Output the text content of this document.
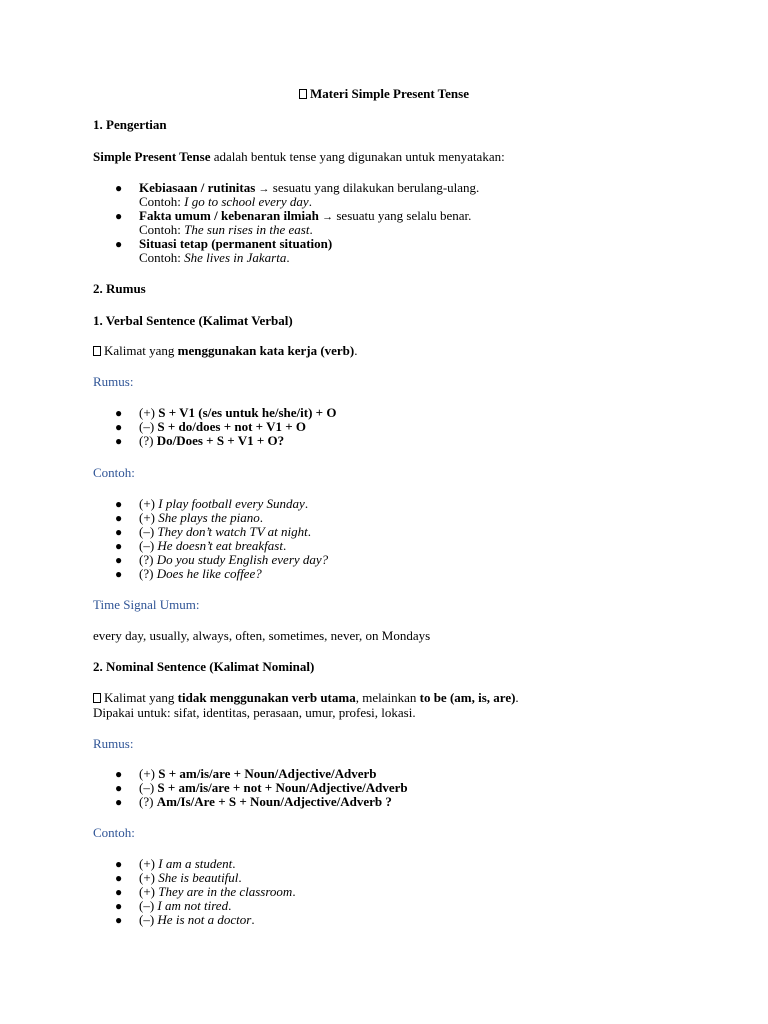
Materi Simple Present Tense
1. Pengertian
Simple Present Tense adalah bentuk tense yang digunakan untuk menyatakan:
● Kebiasaan / rutinitas → sesuatu yang dilakukan berulang-ulang.
Contoh: I go to school every day.
● Fakta umum / kebenaran ilmiah → sesuatu yang selalu benar.
Contoh: The sun rises in the east.
● Situasi tetap (permanent situation)
Contoh: She lives in Jakarta.
2. Rumus
1. Verbal Sentence (Kalimat Verbal)
Kalimat yang menggunakan kata kerja (verb).
Rumus:
● (+) S + V1 (s/es untuk he/she/it) + O
● (–) S + do/does + not + V1 + O
● (?) Do/Does + S + V1 + O?
Contoh:
● (+) I play football every Sunday.
● (+) She plays the piano.
● (–) They don’t watch TV at night.
● (–) He doesn’t eat breakfast.
● (?) Do you study English every day?
● (?) Does he like coffee?
Time Signal Umum:
every day, usually, always, often, sometimes, never, on Mondays
2. Nominal Sentence (Kalimat Nominal)
Kalimat yang tidak menggunakan verb utama, melainkan to be (am, is, are).
Dipakai untuk: sifat, identitas, perasaan, umur, profesi, lokasi.
Rumus:
● (+) S + am/is/are + Noun/Adjective/Adverb
● (–) S + am/is/are + not + Noun/Adjective/Adverb
● (?) Am/Is/Are + S + Noun/Adjective/Adverb ?
Contoh:
● (+) I am a student.
● (+) She is beautiful.
● (+) They are in the classroom.
● (–) I am not tired.
● (–) He is not a doctor.
